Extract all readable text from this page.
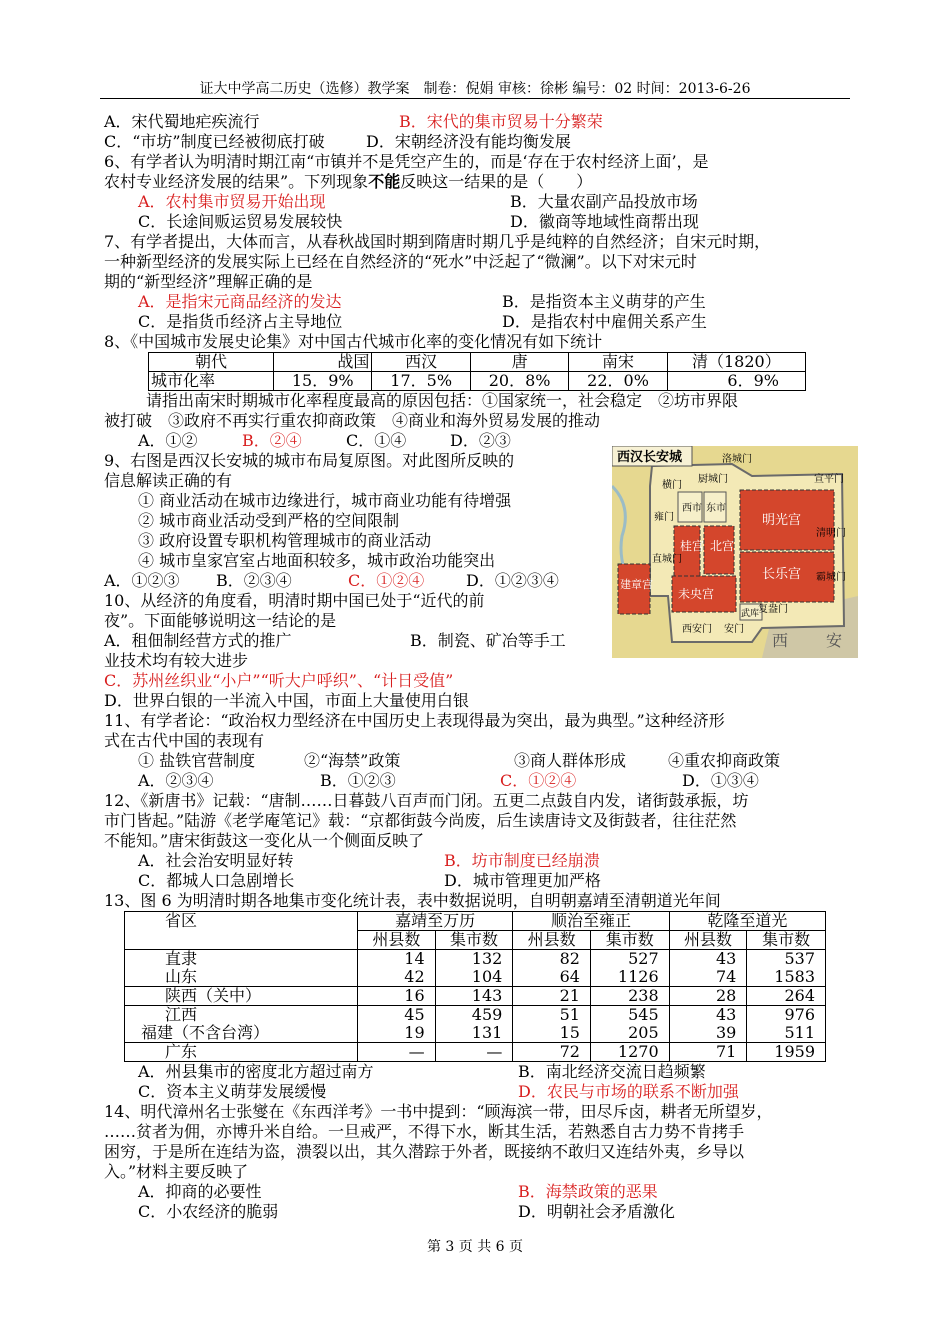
证大中学高二历史（选修）教学案　制卷：倪娟 审核：徐彬 编号：02 时间：2013-6-26

A．宋代蜀地疟疾流行	B．宋代的集市贸易十分繁荣

C．“市坊”制度已经被彻底打破	D．宋朝经济没有能均衡发展

6、有学者认为明清时期江南“市镇并不是凭空产生的，而是‘存在于农村经济上面’，是

农村专业经济发展的结果”。下列现象不能反映这一结果的是（　　）

A．农村集市贸易开始出现	B．大量农副产品投放市场

C．长途间贩运贸易发展较快	D．徽商等地域性商帮出现

7、有学者提出，大体而言，从春秋战国时期到隋唐时期几乎是纯粹的自然经济；自宋元时期，

一种新型经济的发展实际上已经在自然经济的“死水”中泛起了“微澜”。以下对宋元时

期的“新型经济”理解正确的是

A．是指宋元商品经济的发达	B．是指资本主义萌芽的产生

C．是指货币经济占主导地位	D．是指农村中雇佣关系产生

8、《中国城市发展史论集》对中国古代城市化率的变化情况有如下统计

朝代	战国	西汉	唐	南宋	清（1820）
城市化率	15．9%	17．5%	20．8%	22．0%	6．9%

请指出南宋时期城市化率程度最高的原因包括：①国家统一，社会稳定　②坊市界限

被打破　③政府不再实行重农抑商政策　④商业和海外贸易发展的推动

A．①②	B．②④	C．①④	D．②③

9、右图是西汉长安城的城市布局复原图。对此图所反映的

信息解读正确的有

① 商业活动在城市边缘进行，城市商业功能有待增强

② 城市商业活动受到严格的空间限制

③ 政府设置专职机构管理城市的商业活动

④ 城市皇家宫室占地面积较多，城市政治功能突出

A．①②③	B．②③④	C．①②④	D．①②③④

10、从经济的角度看，明清时期中国已处于“近代的前

夜”。下面能够说明这一结论的是

A．租佃制经营方式的推广	B．制瓷、矿冶等手工

业技术均有较大进步

C．苏州丝织业“小户”“听大户呼织”、“计日受值”

D．世界白银的一半流入中国，市面上大量使用白银

11、有学者论：“政治权力型经济在中国历史上表现得最为突出，最为典型。”这种经济形

式在古代中国的表现有

① 盐铁官营制度	②“海禁”政策	③商人群体形成	④重农抑商政策

A．②③④	B．①②③	C．①②④	D．①③④

12、《新唐书》记载：“唐制……日暮鼓八百声而门闭。五更二点鼓自内发，诸街鼓承振，坊

市门皆起。”陆游《老学庵笔记》载：“京都街鼓今尚废，后生读唐诗文及街鼓者，往往茫然

不能知。”唐宋街鼓这一变化从一个侧面反映了

A．社会治安明显好转	B．坊市制度已经崩溃

C．都城人口急剧增长	D．城市管理更加严格

13、图 6 为明清时期各地集市变化统计表，表中数据说明，自明朝嘉靖至清朝道光年间

省区	嘉靖至万历		顺治至雍正		乾隆至道光	
	州县数	集市数	州县数	集市数	州县数	集市数
直隶	14	132	82	527	43	537
山东	42	104	64	1126	74	1583
陕西（关中）	16	143	21	238	28	264
江西	45	459	51	545	43	976
福建（不含台湾）	19	131	15	205	39	511
广东	—	—	72	1270	71	1959

A．州县集市的密度北方超过南方	B．南北经济交流日趋频繁

C．资本主义萌芽发展缓慢	D．农民与市场的联系不断加强

14、明代漳州名士张燮在《东西洋考》一书中提到：“顾海滨一带，田尽斥卤，耕者无所望岁，

……贫者为佣，亦博升米自给。一旦戒严，不得下水，断其生活，若熟悉自古力势不肯拷手

困穷，于是所在连结为盗，溃裂以出，其久潜踪于外者，既接纳不敢归又连结外夷，乡导以

入。”材料主要反映了

A．抑商的必要性	B．海禁政策的恶果

C．小农经济的脆弱	D．明朝社会矛盾激化

西汉长安城
西市 东市
明光宫
桂宫 北宫
长乐宫
建章宫
未央宫
武库
洛城门
横门
厨城门	宣平门
雍门
清明门
直城门
霸城门
西安门 安门
复盎门
西 安
第 3 页 共 6 页
